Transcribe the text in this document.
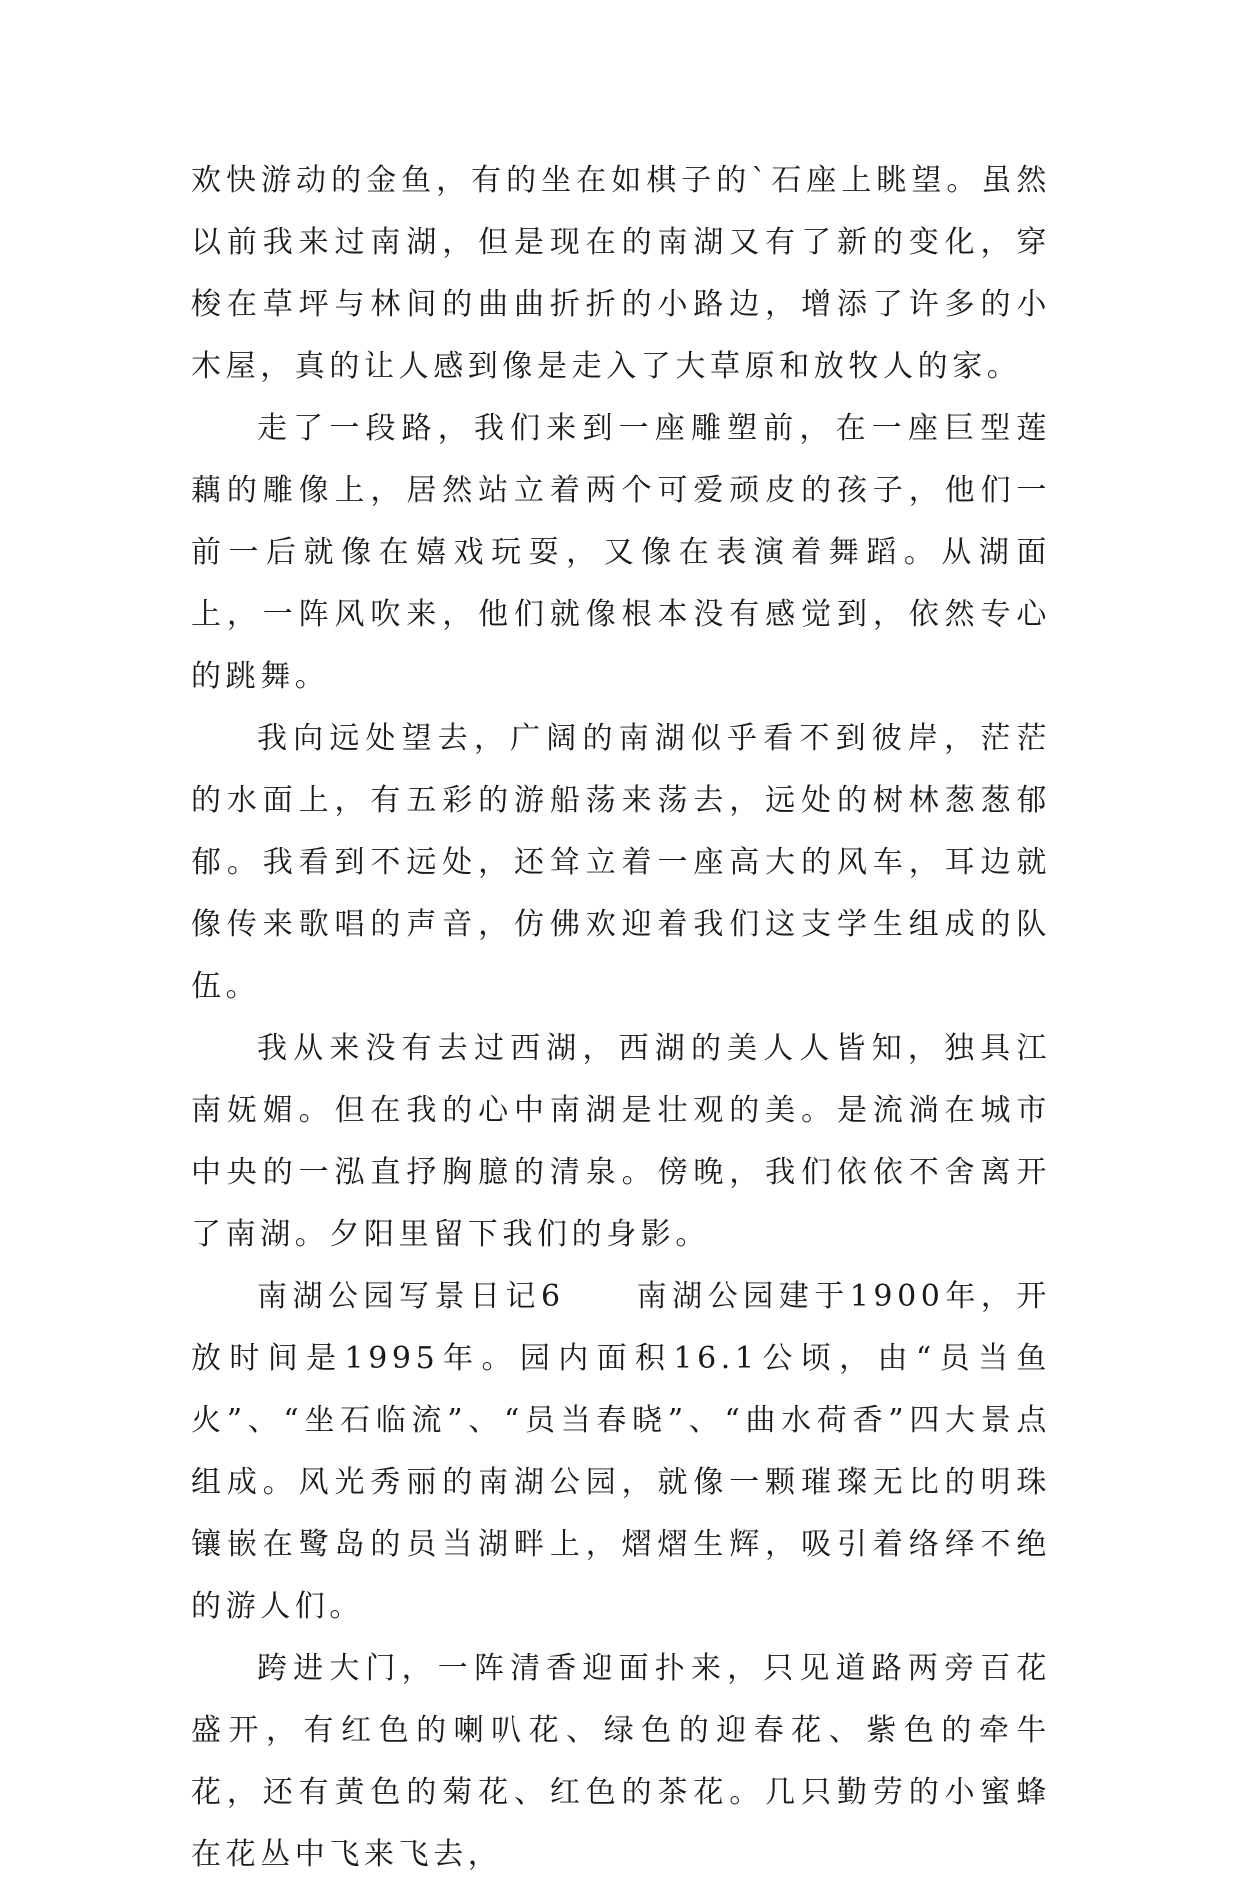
欢快游动的金鱼，有的坐在如棋子的`石座上眺望。虽然以前我来过南湖，但是现在的南湖又有了新的变化，穿梭在草坪与林间的曲曲折折的小路边，增添了许多的小木屋，真的让人感到像是走入了大草原和放牧人的家。

走了一段路，我们来到一座雕塑前，在一座巨型莲藕的雕像上，居然站立着两个可爱顽皮的孩子，他们一前一后就像在嬉戏玩耍，又像在表演着舞蹈。从湖面上，一阵风吹来，他们就像根本没有感觉到，依然专心的跳舞。

我向远处望去，广阔的南湖似乎看不到彼岸，茫茫的水面上，有五彩的游船荡来荡去，远处的树林葱葱郁郁。我看到不远处，还耸立着一座高大的风车，耳边就像传来歌唱的声音，仿佛欢迎着我们这支学生组成的队伍。

我从来没有去过西湖，西湖的美人人皆知，独具江南妩媚。但在我的心中南湖是壮观的美。是流淌在城市中央的一泓直抒胸臆的清泉。傍晚，我们依依不舍离开了南湖。夕阳里留下我们的身影。

南湖公园写景日记6　　南湖公园建于1900年，开放时间是1995年。园内面积16.1公顷，由“员当鱼火”、“坐石临流”、“员当春晓”、“曲水荷香”四大景点组成。风光秀丽的南湖公园，就像一颗璀璨无比的明珠镶嵌在鹭岛的员当湖畔上，熠熠生辉，吸引着络绎不绝的游人们。

跨进大门，一阵清香迎面扑来，只见道路两旁百花盛开，有红色的喇叭花、绿色的迎春花、紫色的牵牛花，还有黄色的菊花、红色的茶花。几只勤劳的小蜜蜂在花丛中飞来飞去，
